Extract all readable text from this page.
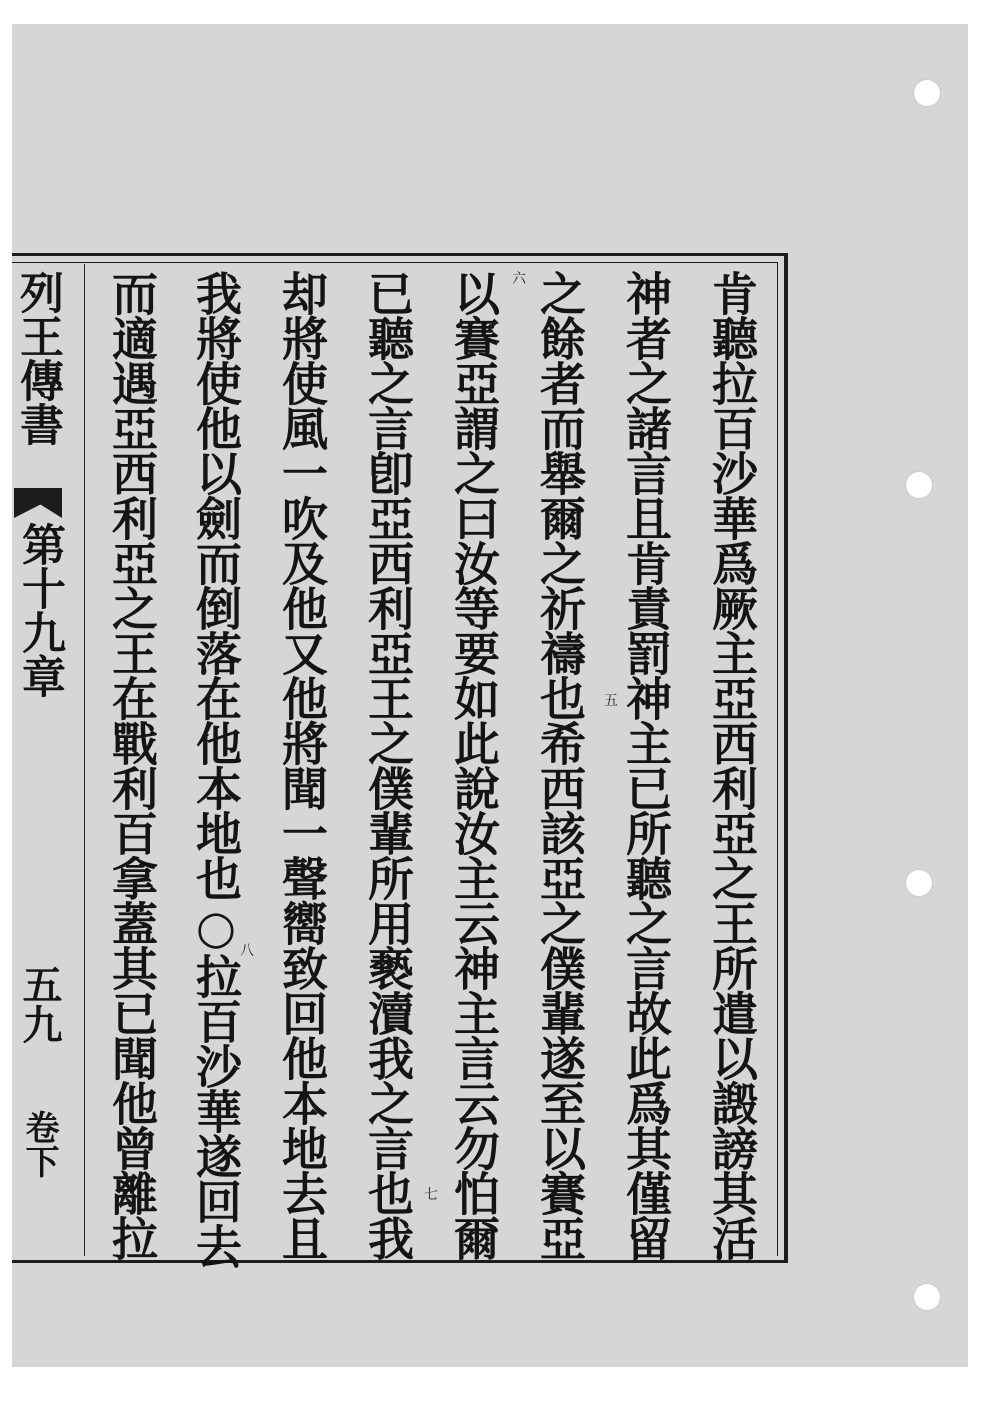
肯聽拉百沙華爲厥主亞西利亞之王所遣以譭謗其活
神者之諸言且肯責罰神主已所聽之言故此爲其僅留
之餘者而舉爾之祈禱也希西該亞之僕輩遂至以賽亞
以賽亞謂之曰汝等要如此說汝主云神主言云勿怕爾
已聽之言卽亞西利亞王之僕輩所用褻瀆我之言也我
却將使風一吹及他又他將聞一聲嚮致回他本地去且
我將使他以劍而倒落在他本地也○拉百沙華遂回去
而適遇亞西利亞之王在戰利百拿蓋其已聞他曾離拉	五
六
七
八
列王傳書
第十九章
五九
卷下
